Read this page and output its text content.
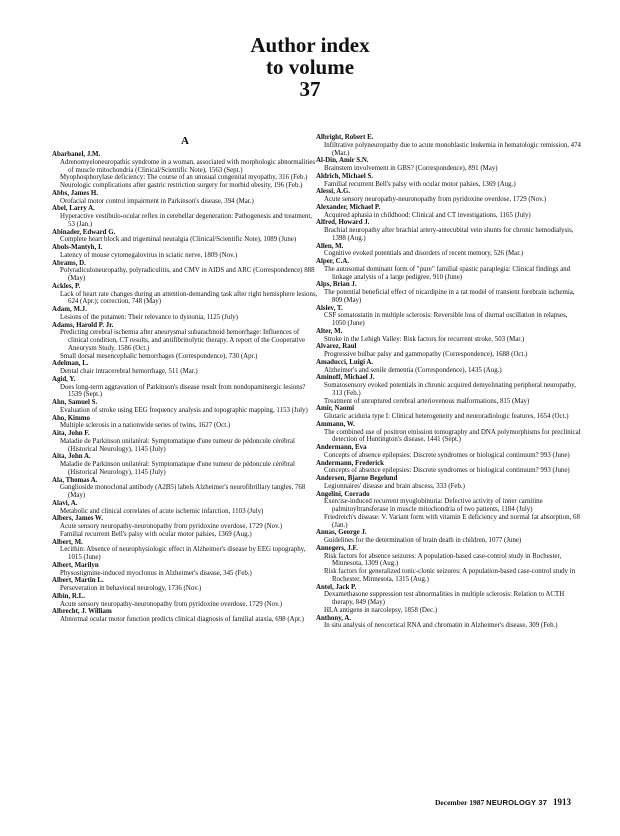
Author index
to volume
37

A

Abarbanel, J.M.
Adrenomyeloneuropathic syndrome in a woman, associated with morphologic abnormalities of muscle mitochondria (Clinical/Scientific Note), 1563 (Sept.)
Myophosphorylase deficiency: The course of an unusual congenital myopathy, 316 (Feb.)
Neurologic complications after gastric restriction surgery for morbid obesity, 196 (Feb.)
Abbs, James H.
Orofacial motor control impairment in Parkinson's disease, 394 (Mar.)
Abel, Larry A.
Hyperactive vestibulo-ocular reflex in cerebellar degeneration: Pathogenesis and treatment, 53 (Jan.)
Abinader, Edward G.
Complete heart block and trigeminal neuralgia (Clinical/Scientific Note), 1089 (June)
Abols-Mantyh, I.
Latency of mouse cytomegalovirus in sciatic nerve, 1809 (Nov.)
Abrams, D.
Polyradiculoneuropathy, polyradiculitis, and CMV in AIDS and ARC (Correspondence) 888 (May)
Ackles, P.
Lack of heart rate changes during an attention-demanding task after right hemisphere lesions, 624 (Apr.); correction, 748 (May)
Adam, M.J.
Lesions of the putamen: Their relevance to dystonia, 1125 (July)
Adams, Harold P. Jr.
Predicting cerebral ischemia after aneurysmal subarachnoid hemorrhage: Influences of clinical condition, CT results, and antifibrinolytic therapy. A report of the Cooperative Aneurysm Study, 1586 (Oct.)
Small dorsal mesencephalic hemorrhages (Correspondence), 730 (Apr.)
Adelman, L.
Dental chair intracerebral hemorrhage, 511 (Mar.)
Agid, Y.
Does long-term aggravation of Parkinson's disease result from nondopaminergic lesions? 1539 (Sept.)
Ahn, Samuel S.
Evaluation of stroke using EEG frequency analysis and topographic mapping, 1153 (July)
Aho, Kimmo
Multiple sclerosis in a nationwide series of twins, 1627 (Oct.)
Aita, John F.
Maladie de Parkinson unilatéral: Symptomatique d'une tumeur de pédoncule cérébral (Historical Neurology), 1145 (July)
Aita, John A.
Maladie de Parkinson unilatéral: Symptomatique d'une tumeur de pédoncule cérébral (Historical Neurology), 1145 (July)
Ala, Thomas A.
Ganglioside monoclonal antibody (A2B5) labels Alzheimer's neurofibrillary tangles, 768 (May)
Alavi, A.
Metabolic and clinical correlates of acute ischemic infarction, 1103 (July)
Albers, James W.
Acute sensory neuropathy-neuronopathy from pyridoxine overdose, 1729 (Nov.)
Familial recurrent Bell's palsy with ocular motor palsies, 1369 (Aug.)
Albert, M.
Lecithin: Absence of neurophysiologic effect in Alzheimer's disease by EEG topography, 1015 (June)
Albert, Marilyn
Physostigmine-induced myoclonus in Alzheimer's disease, 345 (Feb.)
Albert, Martin L.
Perseveration in behavioral neurology, 1736 (Nov.)
Albin, R.L.
Acute sensory neuropathy-neuronopathy from pyridoxine overdose, 1729 (Nov.)
Albrecht, J. William
Abnormal ocular motor function predicts clinical diagnosis of familial ataxia, 698 (Apr.)
Albright, Robert E.
Infiltrative polyneuropathy due to acute monoblastic leukemia in hematologic remission, 474 (Mar.)
Al-Din, Amir S.N.
Brainstem involvement in GBS? (Correspondence), 891 (May)
Aldrich, Michael S.
Familial recurrent Bell's palsy with ocular motor palsies, 1369 (Aug.)
Alessi, A.G.
Acute sensory neuropathy-neuronopathy from pyridoxine overdose, 1729 (Nov.)
Alexander, Michael P.
Acquired aphasia in childhood: Clinical and CT investigations, 1165 (July)
Alfred, Howard J.
Brachial neuropathy after brachial artery-antecubital vein shunts for chronic hemodialysis, 1398 (Aug.)
Allen, M.
Cognitive evoked potentials and disorders of recent memory, 526 (Mar.)
Alper, C.A.
The autosomal dominant form of "pure" familial spastic paraplegia: Clinical findings and linkage analysis of a large pedigree, 910 (June)
Alps, Brian J.
The potential beneficial effect of nicardipine in a rat model of transient forebrain ischemia, 809 (May)
Alslev, T.
CSF somatostatin in multiple sclerosis: Reversible loss of diurnal oscillation in relapses, 1050 (June)
Alter, M.
Stroke in the Lehigh Valley: Risk factors for recurrent stroke, 503 (Mar.)
Alvarez, Raul
Progressive bulbar palsy and gammopathy (Correspondence), 1688 (Oct.)
Amaducci, Luigi A.
Alzheimer's and senile dementia (Correspondence), 1435 (Aug.)
Aminoff, Michael J.
Somatosensory evoked potentials in chronic acquired demyelinating peripheral neuropathy, 313 (Feb.)
Treatment of unruptured cerebral arteriovenous malformations, 815 (May)
Amir, Naomi
Glutaric aciduria type I: Clinical heterogeneity and neuroradiologic features, 1654 (Oct.)
Ammann, W.
The combined use of positron emission tomography and DNA polymorphisms for preclinical detection of Huntington's disease, 1441 (Sept.)
Andermann, Eva
Concepts of absence epilepsies: Discrete syndromes or biological continuum? 993 (June)
Andermann, Frederick
Concepts of absence epilepsies: Discrete syndromes or biological continuum? 993 (June)
Andersen, Bjarne Begelund
Legionnaires' disease and brain abscess, 333 (Feb.)
Angelini, Corrado
Exercise-induced recurrent myoglobinuria: Defective activity of inner carnitine palmitoyltransferase in muscle mitochondria of two patients, 1184 (July)
Friedreich's disease: V. Variant form with vitamin E deficiency and normal fat absorption, 68 (Jan.)
Annas, George J.
Guidelines for the determination of brain death in children, 1077 (June)
Annegers, J.F.
Risk factors for absence seizures: A population-based case-control study in Rochester, Minnesota, 1309 (Aug.)
Risk factors for generalized tonic-clonic seizures: A population-based case-control study in Rochester, Minnesota, 1315 (Aug.)
Antel, Jack P.
Dexamethasone suppression test abnormalities in multiple sclerosis: Relation to ACTH therapy, 849 (May)
HLA antigens in narcolepsy, 1858 (Dec.)
Anthony, A.
In situ analysis of neocortical RNA and chromatin in Alzheimer's disease, 309 (Feb.)
December 1987 NEUROLOGY 37 1913
